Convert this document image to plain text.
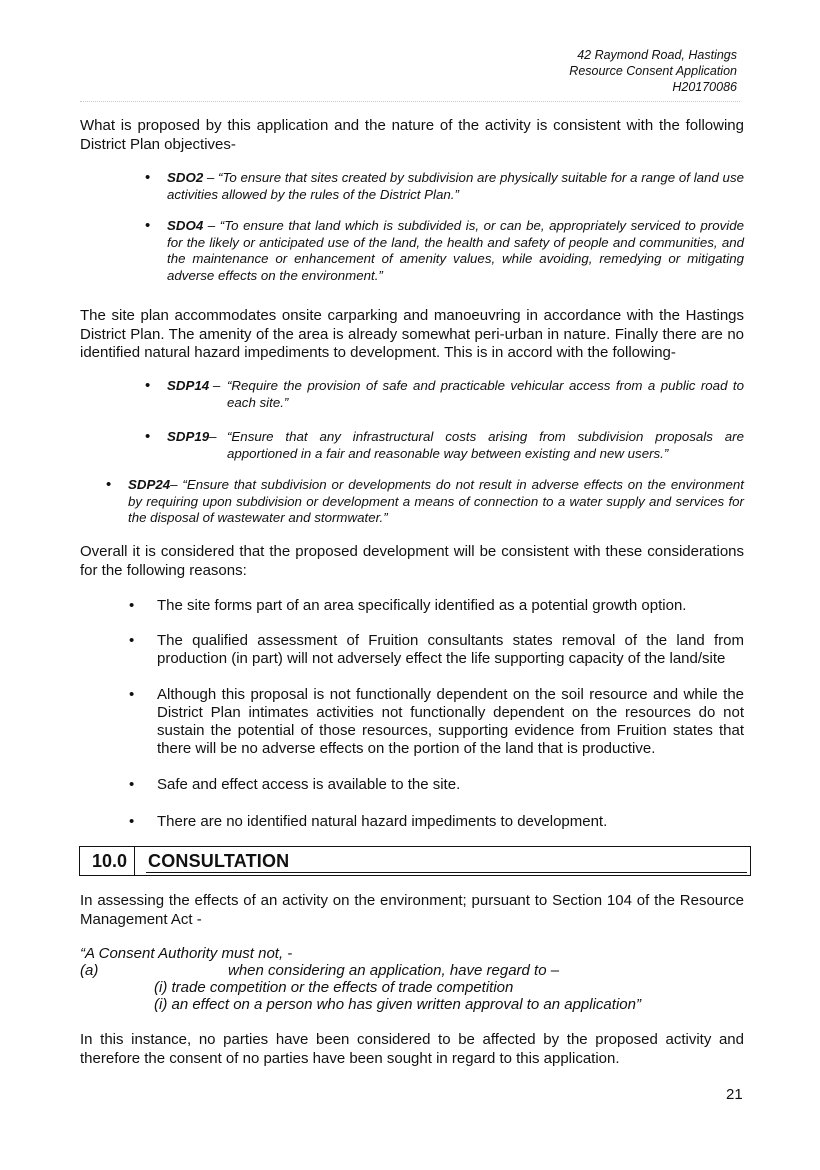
42 Raymond Road, Hastings
Resource Consent Application
H20170086
What is proposed by this application and the nature of the activity is consistent with the following District Plan objectives-
• SDO2 – “To ensure that sites created by subdivision are physically suitable for a range of land use activities allowed by the rules of the District Plan.”
• SDO4 – “To ensure that land which is subdivided is, or can be, appropriately serviced to provide for the likely or anticipated use of the land, the health and safety of people and communities, and the maintenance or enhancement of amenity values, while avoiding, remedying or mitigating adverse effects on the environment.”
The site plan accommodates onsite carparking and manoeuvring in accordance with the Hastings District Plan. The amenity of the area is already somewhat peri-urban in nature. Finally there are no identified natural hazard impediments to development. This is in accord with the following-
• SDP14 – “Require the provision of safe and practicable vehicular access from a public road to each site.”
• SDP19– “Ensure that any infrastructural costs arising from subdivision proposals are apportioned in a fair and reasonable way between existing and new users.”
• SDP24– “Ensure that subdivision or developments do not result in adverse effects on the environment by requiring upon subdivision or development a means of connection to a water supply and services for the disposal of wastewater and stormwater.”
Overall it is considered that the proposed development will be consistent with these considerations for the following reasons:
• The site forms part of an area specifically identified as a potential growth option.
• The qualified assessment of Fruition consultants states removal of the land from production (in part) will not adversely effect the life supporting capacity of the land/site
• Although this proposal is not functionally dependent on the soil resource and while the District Plan intimates activities not functionally dependent on the resources do not sustain the potential of those resources, supporting evidence from Fruition states that there will be no adverse effects on the portion of the land that is productive.
• Safe and effect access is available to the site.
• There are no identified natural hazard impediments to development.
10.0 CONSULTATION
In assessing the effects of an activity on the environment; pursuant to Section 104 of the Resource Management Act -
“A Consent Authority must not, -
(a)	when considering an application, have regard to –
(i) trade competition or the effects of trade competition
(i) an effect on a person who has given written approval to an application”
In this instance, no parties have been considered to be affected by the proposed activity and therefore the consent of no parties have been sought in regard to this application.
21
